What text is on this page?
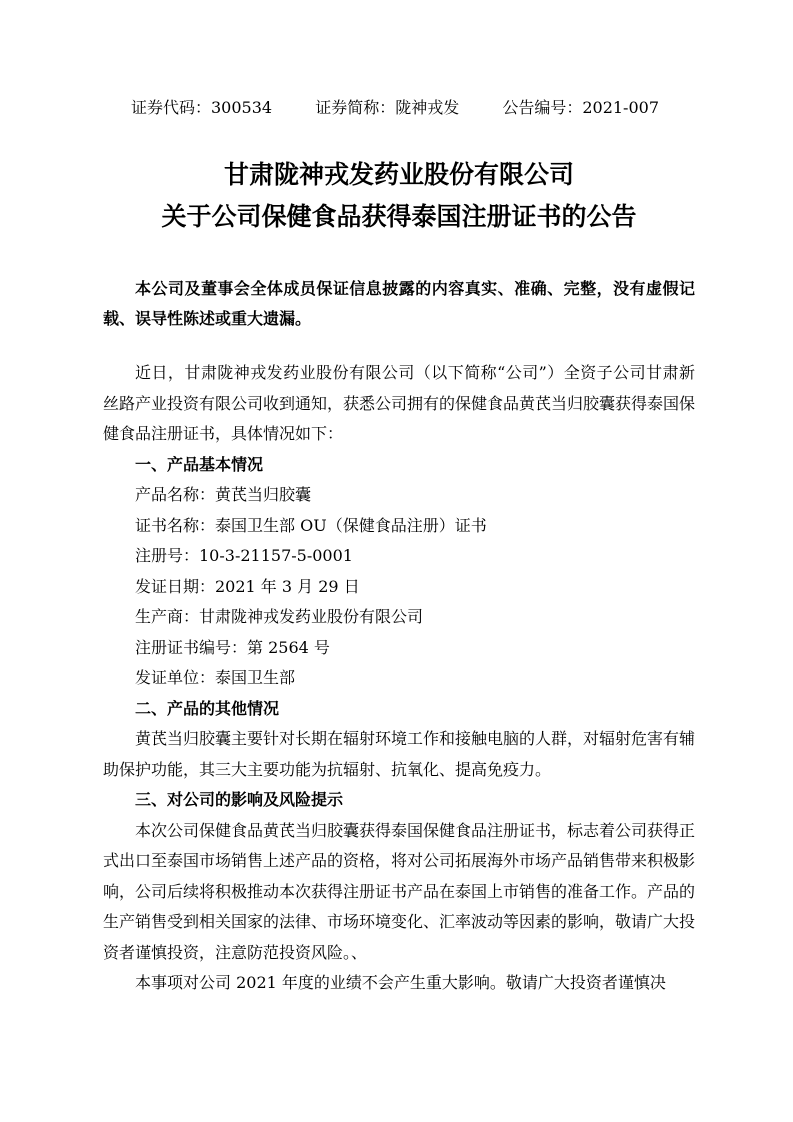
证券代码：300534	证券简称：陇神戎发	公告编号：2021-007
甘肃陇神戎发药业股份有限公司
关于公司保健食品获得泰国注册证书的公告

本公司及董事会全体成员保证信息披露的内容真实、准确、完整，没有虚假记载、误导性陈述或重大遗漏。

近日，甘肃陇神戎发药业股份有限公司（以下简称“公司”）全资子公司甘肃新丝路产业投资有限公司收到通知，获悉公司拥有的保健食品黄芪当归胶囊获得泰国保健食品注册证书，具体情况如下：

一、产品基本情况
产品名称：黄芪当归胶囊
证书名称：泰国卫生部 OU（保健食品注册）证书
注册号：10-3-21157-5-0001
发证日期：2021 年 3 月 29 日
生产商：甘肃陇神戎发药业股份有限公司
注册证书编号：第 2564 号
发证单位：泰国卫生部
二、产品的其他情况

黄芪当归胶囊主要针对长期在辐射环境工作和接触电脑的人群，对辐射危害有辅助保护功能，其三大主要功能为抗辐射、抗氧化、提高免疫力。

三、对公司的影响及风险提示

本次公司保健食品黄芪当归胶囊获得泰国保健食品注册证书，标志着公司获得正式出口至泰国市场销售上述产品的资格，将对公司拓展海外市场产品销售带来积极影响，公司后续将积极推动本次获得注册证书产品在泰国上市销售的准备工作。产品的生产销售受到相关国家的法律、市场环境变化、汇率波动等因素的影响，敬请广大投资者谨慎投资，注意防范投资风险。、

本事项对公司 2021 年度的业绩不会产生重大影响。敬请广大投资者谨慎决
